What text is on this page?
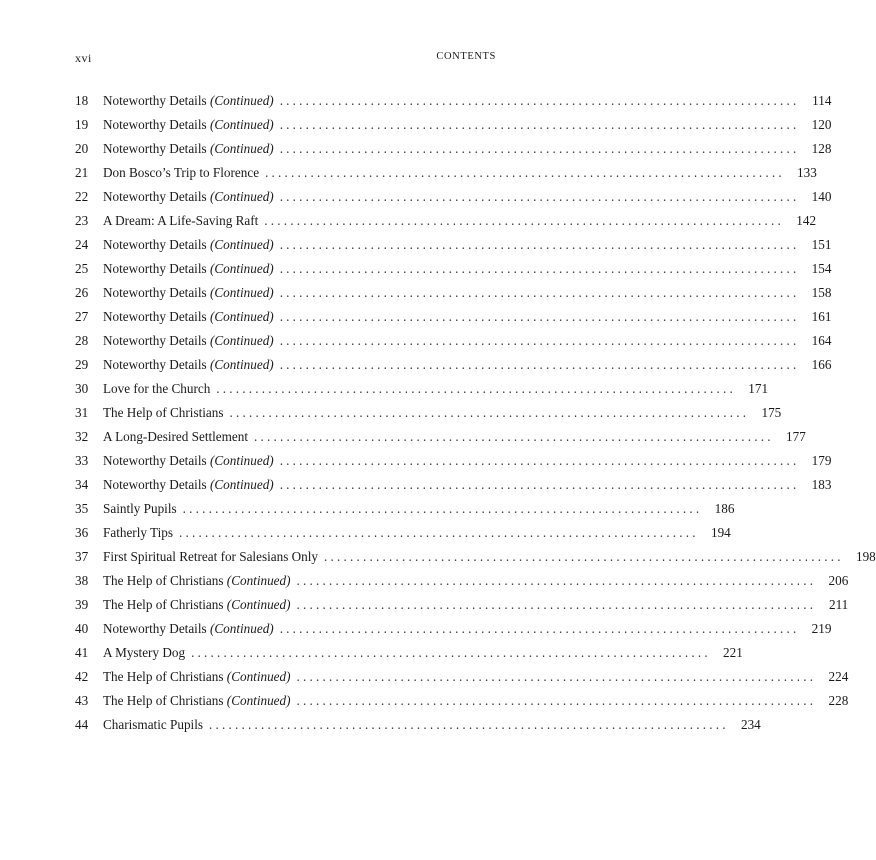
xvi	CONTENTS
18	Noteworthy Details (Continued) ................................................................................ 114
19	Noteworthy Details (Continued) ................................................................................ 120
20	Noteworthy Details (Continued) ................................................................................ 128
21	Don Bosco’s Trip to Florence ................................................................................ 133
22	Noteworthy Details (Continued) ................................................................................ 140
23	A Dream: A Life-Saving Raft ................................................................................ 142
24	Noteworthy Details (Continued) ................................................................................ 151
25	Noteworthy Details (Continued) ................................................................................ 154
26	Noteworthy Details (Continued) ................................................................................ 158
27	Noteworthy Details (Continued) ................................................................................ 161
28	Noteworthy Details (Continued) ................................................................................ 164
29	Noteworthy Details (Continued) ................................................................................ 166
30	Love for the Church ................................................................................ 171
31	The Help of Christians ................................................................................ 175
32	A Long-Desired Settlement ................................................................................ 177
33	Noteworthy Details (Continued) ................................................................................ 179
34	Noteworthy Details (Continued) ................................................................................ 183
35	Saintly Pupils ................................................................................ 186
36	Fatherly Tips ................................................................................ 194
37	First Spiritual Retreat for Salesians Only ................................................................................ 198
38	The Help of Christians (Continued) ................................................................................ 206
39	The Help of Christians (Continued) ................................................................................ 211
40	Noteworthy Details (Continued) ................................................................................ 219
41	A Mystery Dog ................................................................................ 221
42	The Help of Christians (Continued) ................................................................................ 224
43	The Help of Christians (Continued) ................................................................................ 228
44	Charismatic Pupils ................................................................................ 234
